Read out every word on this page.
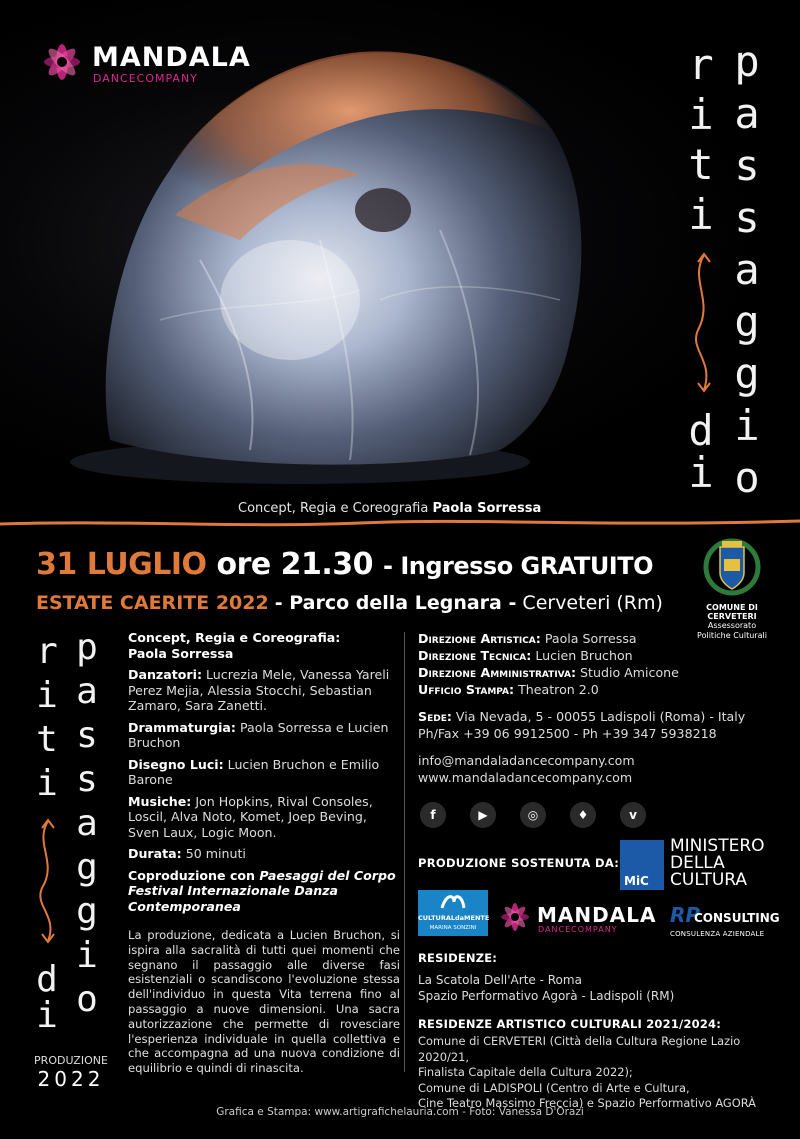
MANDALA
DANCECOMPANY	r
i
t
i
d
i
p
a
s
s
a
g
g
i
o
Concept, Regia e Coreografia Paola Sorressa
31 LUGLIO ore 21.30 - Ingresso GRATUITO
ESTATE CAERITE 2022 - Parco della Legnara - Cerveteri (Rm)	COMUNE DI CERVETERI
Assessorato
Politiche Culturali
r
i
t
i
d
i
p
a
s
s
a
g
g
i
o
PRODUZIONE
2022
Concept, Regia e Coreografia:
Paola Sorressa
Danzatori: Lucrezia Mele, Vanessa Yareli Perez Mejia, Alessia Stocchi, Sebastian Zamaro, Sara Zanetti.
Drammaturgia: Paola Sorressa e Lucien Bruchon
Disegno Luci: Lucien Bruchon e Emilio Barone
Musiche: Jon Hopkins, Rival Consoles, Loscil, Alva Noto, Komet, Joep Beving, Sven Laux, Logic Moon.
Durata: 50 minuti
Coproduzione con Paesaggi del Corpo Festival Internazionale Danza Contemporanea
La produzione, dedicata a Lucien Bruchon, si ispira alla sacralità di tutti quei momenti che segnano il passaggio alle diverse fasi esistenziali o scandiscono l'evoluzione stessa dell'individuo in questa Vita terrena fino al passaggio a nuove dimensioni. Una sacra autorizzazione che permette di rovesciare l'esperienza individuale in quella collettiva e che accompagna ad una nuova condizione di equilibrio e quindi di rinascita.
Direzione Artistica: Paola Sorressa
Direzione Tecnica: Lucien Bruchon
Direzione Amministrativa: Studio Amicone
Ufficio Stampa: Theatron 2.0
Sede: Via Nevada, 5 - 00055 Ladispoli (Roma) - Italy
Ph/Fax +39 06 9912500 - Ph +39 347 5938218
info@mandaladancecompany.com
www.mandaladancecompany.com
f	▶	◎	♦	v
PRODUZIONE SOSTENUTA DA:
MiC
MINISTERO
DELLA
CULTURA
CULTURALdaMENTE
MARINA SONZINI
MANDALA
DANCECOMPANY
RP
CONSULTING
CONSULENZA AZIENDALE
RESIDENZE:
La Scatola Dell'Arte - Roma
Spazio Performativo Agorà - Ladispoli (RM)
RESIDENZE ARTISTICO CULTURALI 2021/2024:
Comune di CERVETERI (Città della Cultura Regione Lazio 2020/21,
Finalista Capitale della Cultura 2022);
Comune di LADISPOLI (Centro di Arte e Cultura,
Cine Teatro Massimo Freccia) e Spazio Performativo AGORÀ
Grafica e Stampa: www.artigrafichelauria.com - Foto: Vanessa D'Orazi
